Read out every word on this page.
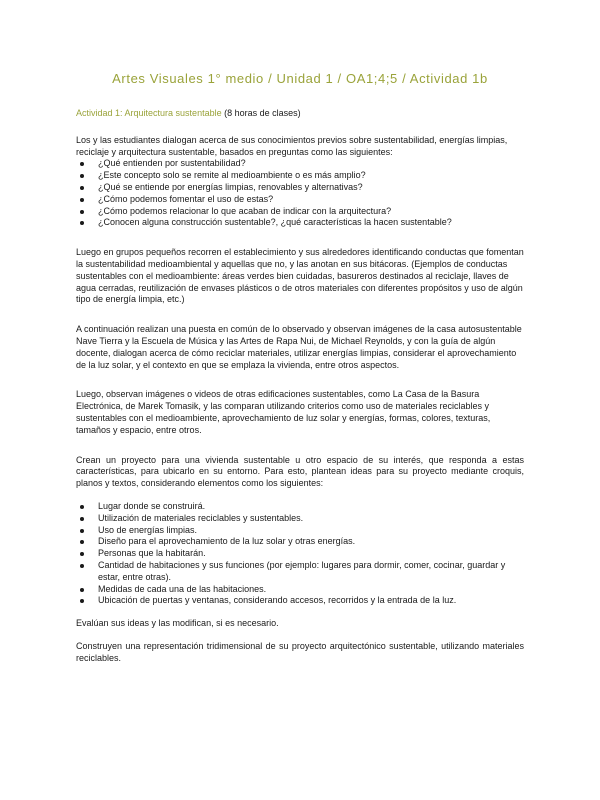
Artes Visuales 1° medio / Unidad 1 / OA1;4;5 / Actividad 1b
Actividad 1: Arquitectura sustentable (8 horas de clases)

Los y las estudiantes dialogan acerca de sus conocimientos previos sobre sustentabilidad, energías limpias, reciclaje y arquitectura sustentable, basados en preguntas como las siguientes:

¿Qué entienden por sustentabilidad?
¿Este concepto solo se remite al medioambiente o es más amplio?
¿Qué se entiende por energías limpias, renovables y alternativas?
¿Cómo podemos fomentar el uso de estas?
¿Cómo podemos relacionar lo que acaban de indicar con la arquitectura?
¿Conocen alguna construcción sustentable?, ¿qué características la hacen sustentable?

Luego en grupos pequeños recorren el establecimiento y sus alrededores identificando conductas que fomentan la sustentabilidad medioambiental y aquellas que no, y las anotan en sus bitácoras. (Ejemplos de conductas sustentables con el medioambiente: áreas verdes bien cuidadas, basureros destinados al reciclaje, llaves de agua cerradas, reutilización de envases plásticos o de otros materiales con diferentes propósitos y uso de algún tipo de energía limpia, etc.)

A continuación realizan una puesta en común de lo observado y observan imágenes de la casa autosustentable Nave Tierra y la Escuela de Música y las Artes de Rapa Nui, de Michael Reynolds, y con la guía de algún docente, dialogan acerca de cómo reciclar materiales, utilizar energías limpias, considerar el aprovechamiento de la luz solar, y el contexto en que se emplaza la vivienda, entre otros aspectos.

Luego, observan imágenes o videos de otras edificaciones sustentables, como La Casa de la Basura Electrónica, de Marek Tomasik, y las comparan utilizando criterios como uso de materiales reciclables y sustentables con el medioambiente, aprovechamiento de luz solar y energías, formas, colores, texturas, tamaños y espacio, entre otros.

Crean un proyecto para una vivienda sustentable u otro espacio de su interés, que responda a estas características, para ubicarlo en su entorno. Para esto, plantean ideas para su proyecto mediante croquis, planos y textos, considerando elementos como los siguientes:

Lugar donde se construirá.
Utilización de materiales reciclables y sustentables.
Uso de energías limpias.
Diseño para el aprovechamiento de la luz solar y otras energías.
Personas que la habitarán.
Cantidad de habitaciones y sus funciones (por ejemplo: lugares para dormir, comer, cocinar, guardar y estar, entre otras).
Medidas de cada una de las habitaciones.
Ubicación de puertas y ventanas, considerando accesos, recorridos y la entrada de la luz.

Evalúan sus ideas y las modifican, si es necesario.

Construyen una representación tridimensional de su proyecto arquitectónico sustentable, utilizando materiales reciclables.
